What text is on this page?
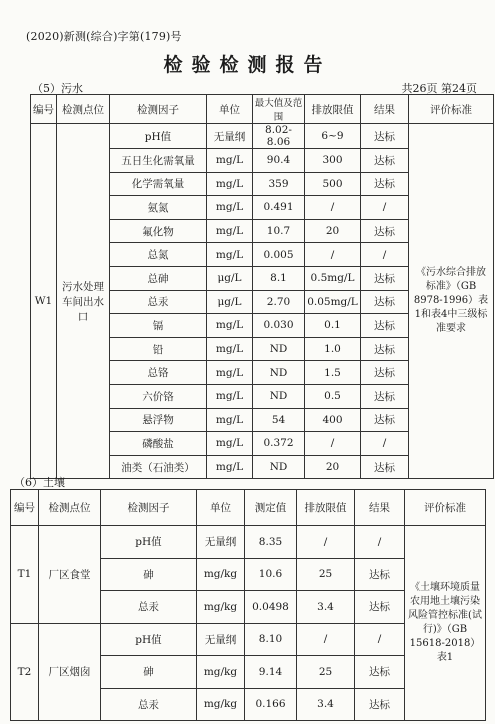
(2020)新测(综合)字第(179)号
检验检测报告
（5）污水	共26页 第24页
编号	检测点位	检测因子	单位	最大值及范围	排放限值	结果	评价标准
W1	污水处理车间出水口	pH值	无量纲	8.02-8.06	6~9	达标	《污水综合排放标准》（GB 8978-1996）表1和表4中三级标准要求
		五日生化需氧量	mg/L	90.4	300	达标	
		化学需氧量	mg/L	359	500	达标	
		氨氮	mg/L	0.491	/	/	
		氟化物	mg/L	10.7	20	达标	
		总氮	mg/L	0.005	/	/	
		总砷	μg/L	8.1	0.5mg/L	达标	
		总汞	μg/L	2.70	0.05mg/L	达标	
		镉	mg/L	0.030	0.1	达标	
		铅	mg/L	ND	1.0	达标	
		总铬	mg/L	ND	1.5	达标	
		六价铬	mg/L	ND	0.5	达标	
		悬浮物	mg/L	54	400	达标	
		磷酸盐	mg/L	0.372	/	/	
		油类（石油类）	mg/L	ND	20	达标	
（6）土壤
编号	检测点位	检测因子	单位	测定值	排放限值	结果	评价标准
T1	厂区食堂	pH值	无量纲	8.35	/	/	《土壤环境质量 农用地土壤污染风险管控标准(试行)》（GB 15618-2018）表1
		砷	mg/kg	10.6	25	达标	
		总汞	mg/kg	0.0498	3.4	达标	
T2	厂区烟囱	pH值	无量纲	8.10	/	/	
		砷	mg/kg	9.14	25	达标	
		总汞	mg/kg	0.166	3.4	达标	
